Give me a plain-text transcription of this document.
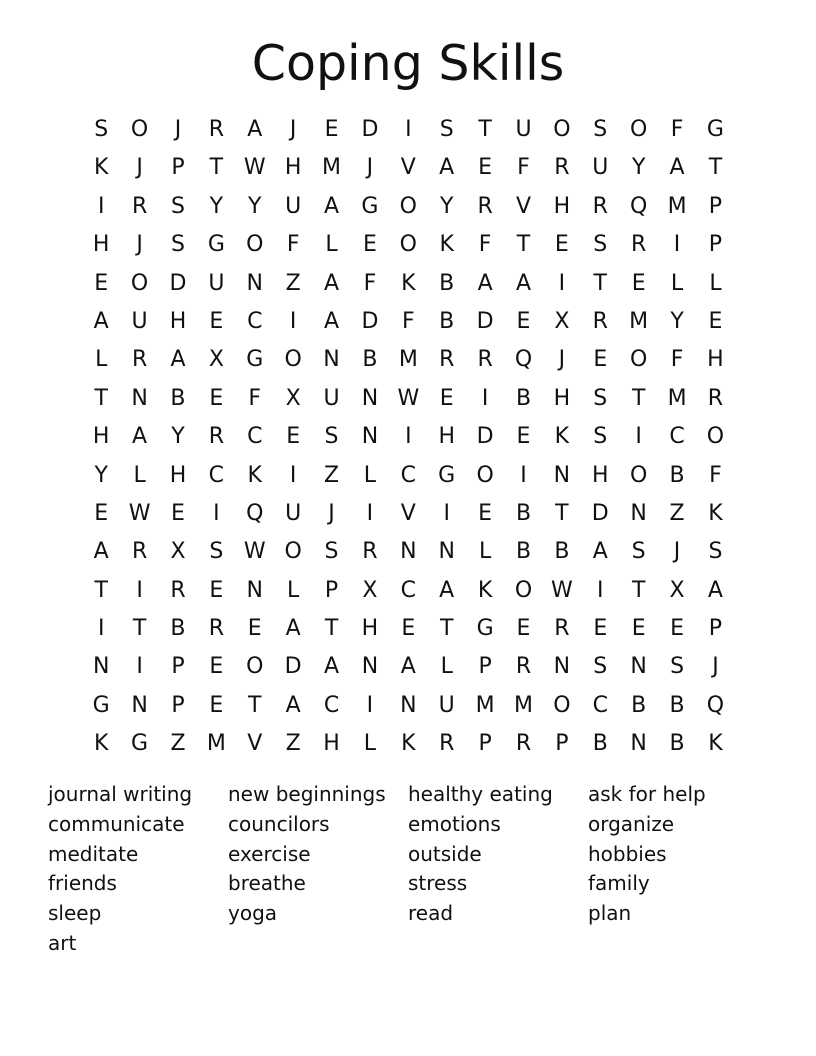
Coping Skills
S	O	J	R	A	J	E	D	I	S	T	U O	S	O	F	G
K	J	P	T W H M	J	V	A	E	F	R	U	Y	A	T
I	R	S	Y	Y	U	A	G O	Y	R	V	H	R	Q M	P
H	J	S	G O	F	L	E	O	K	F	T	E	S	R	I	P
E	O D U	N	Z	A	F	K	B	A	A	I	T	E	L	L
A	U	H	E	C	I	A	D	F	B	D	E	X	R M	Y	E
L	R	A	X	G O N	B M R	R	Q	J	E	O	F	H
T	N	B	E	F	X	U	N W E	I	B	H	S	T	M R
H	A	Y	R	C	E	S	N	I	H D	E	K	S	I	C	O
Y	L	H	C	K	I	Z	L	C	G O	I	N H O	B	F
E W E	I	Q U	J	I	V	I	E	B	T	D N	Z	K
A	R	X	S W O	S	R	N N	L	B	B	A	S	J	S
T	I	R	E	N	L	P	X	C	A	K	O W	I	T	X	A
I	T	B	R	E	A	T	H	E	T	G	E	R	E	E	E	P
N	I	P	E	O D	A	N	A	L	P	R	N	S	N	S	J
G N	P	E	T	A	C	I	N	U M M O	C	B	B	Q
K	G	Z M V	Z	H	L	K	R	P	R	P	B	N	B	K
journal writing	new beginnings	healthy eating	ask for help
communicate	councilors	emotions	organize
meditate	exercise	outside	hobbies
friends	breathe	stress	family
sleep	yoga	read	plan
art
